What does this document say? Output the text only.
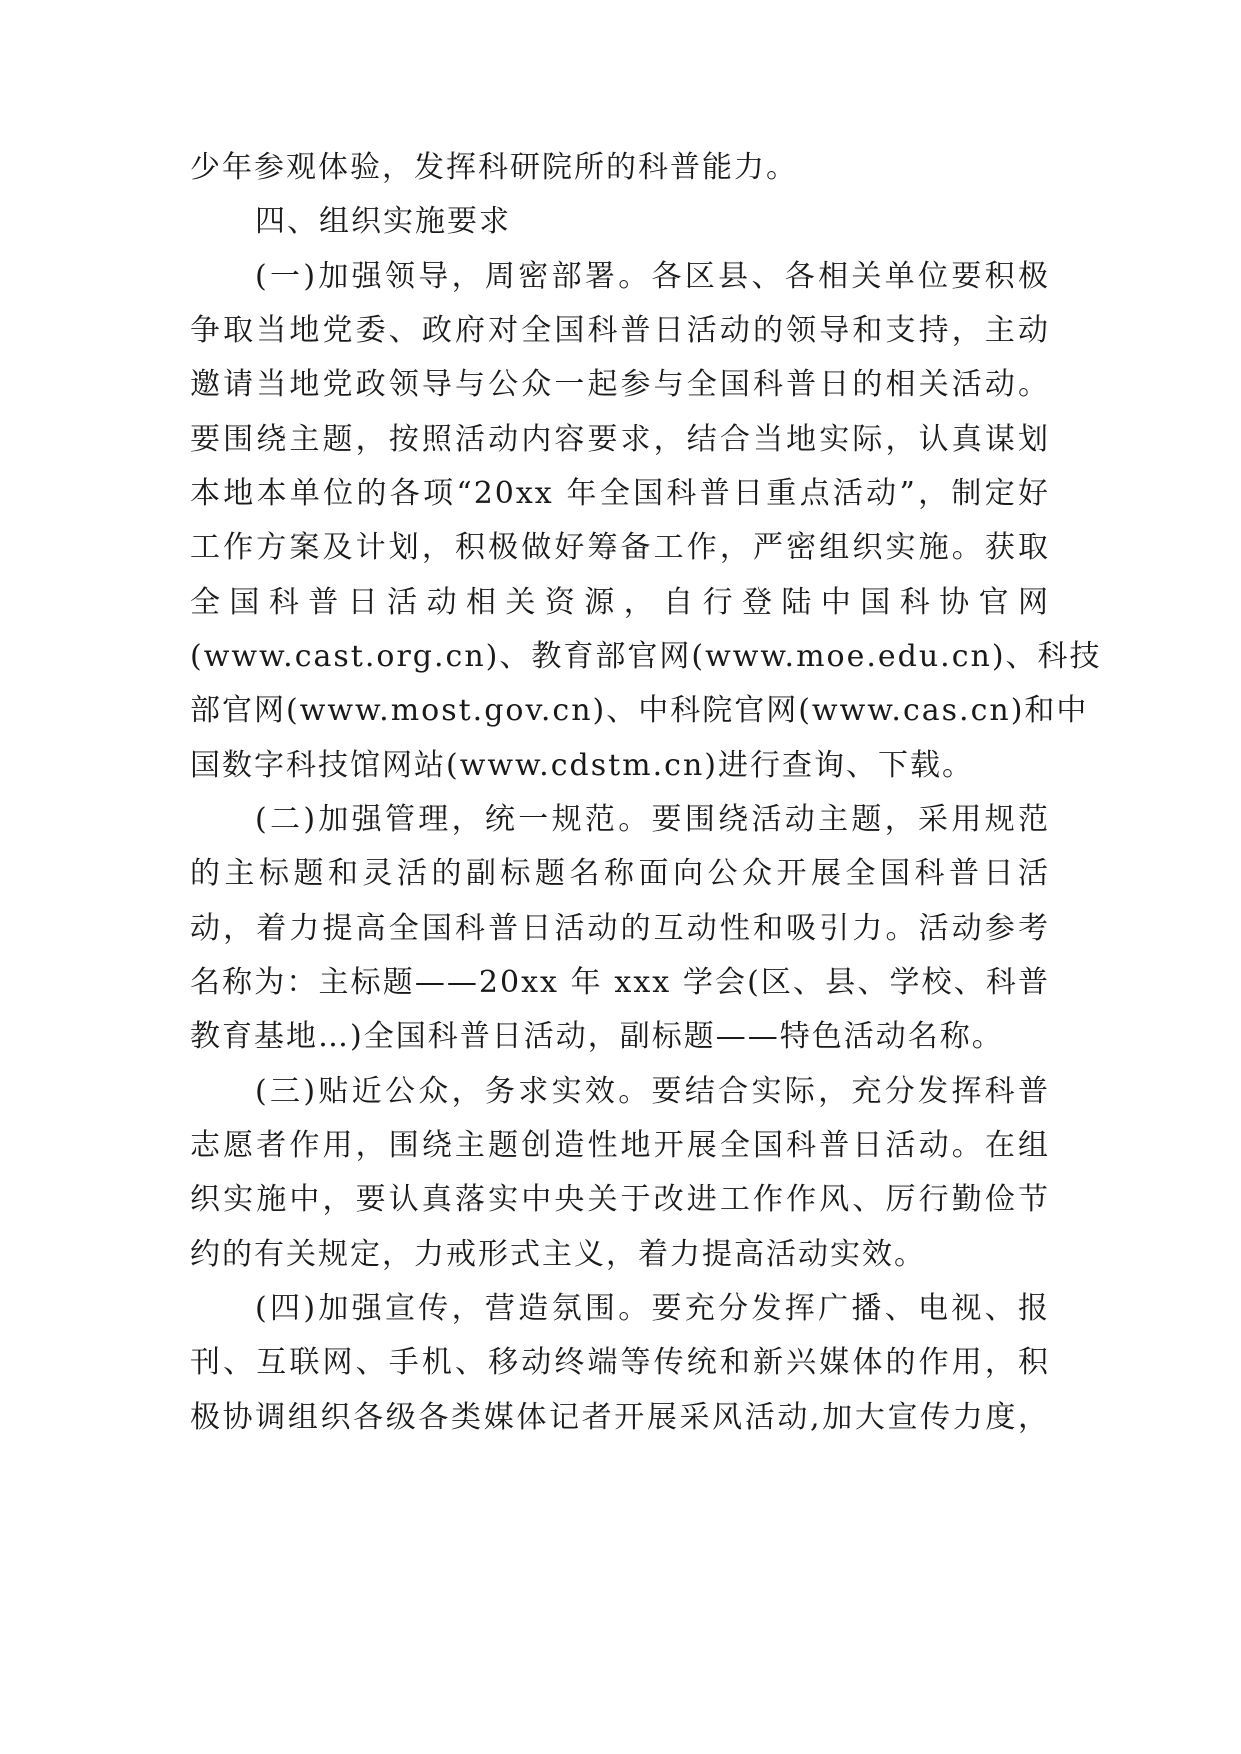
少年参观体验，发挥科研院所的科普能力。
四、组织实施要求
(一)加强领导，周密部署。各区县、各相关单位要积极
争取当地党委、政府对全国科普日活动的领导和支持，主动
邀请当地党政领导与公众一起参与全国科普日的相关活动。
要围绕主题，按照活动内容要求，结合当地实际，认真谋划
本地本单位的各项“20xx 年全国科普日重点活动”，制定好
工作方案及计划，积极做好筹备工作，严密组织实施。获取
全国科普日活动相关资源，自行登陆中国科协官网
(www.cast.org.cn)、教育部官网(www.moe.edu.cn)、科技
部官网(www.most.gov.cn)、中科院官网(www.cas.cn)和中
国数字科技馆网站(www.cdstm.cn)进行查询、下载。
(二)加强管理，统一规范。要围绕活动主题，采用规范
的主标题和灵活的副标题名称面向公众开展全国科普日活
动，着力提高全国科普日活动的互动性和吸引力。活动参考
名称为：主标题——20xx 年 xxx 学会(区、县、学校、科普
教育基地…)全国科普日活动，副标题——特色活动名称。
(三)贴近公众，务求实效。要结合实际，充分发挥科普
志愿者作用，围绕主题创造性地开展全国科普日活动。在组
织实施中，要认真落实中央关于改进工作作风、厉行勤俭节
约的有关规定，力戒形式主义，着力提高活动实效。
(四)加强宣传，营造氛围。要充分发挥广播、电视、报
刊、互联网、手机、移动终端等传统和新兴媒体的作用，积
极协调组织各级各类媒体记者开展采风活动,加大宣传力度，
